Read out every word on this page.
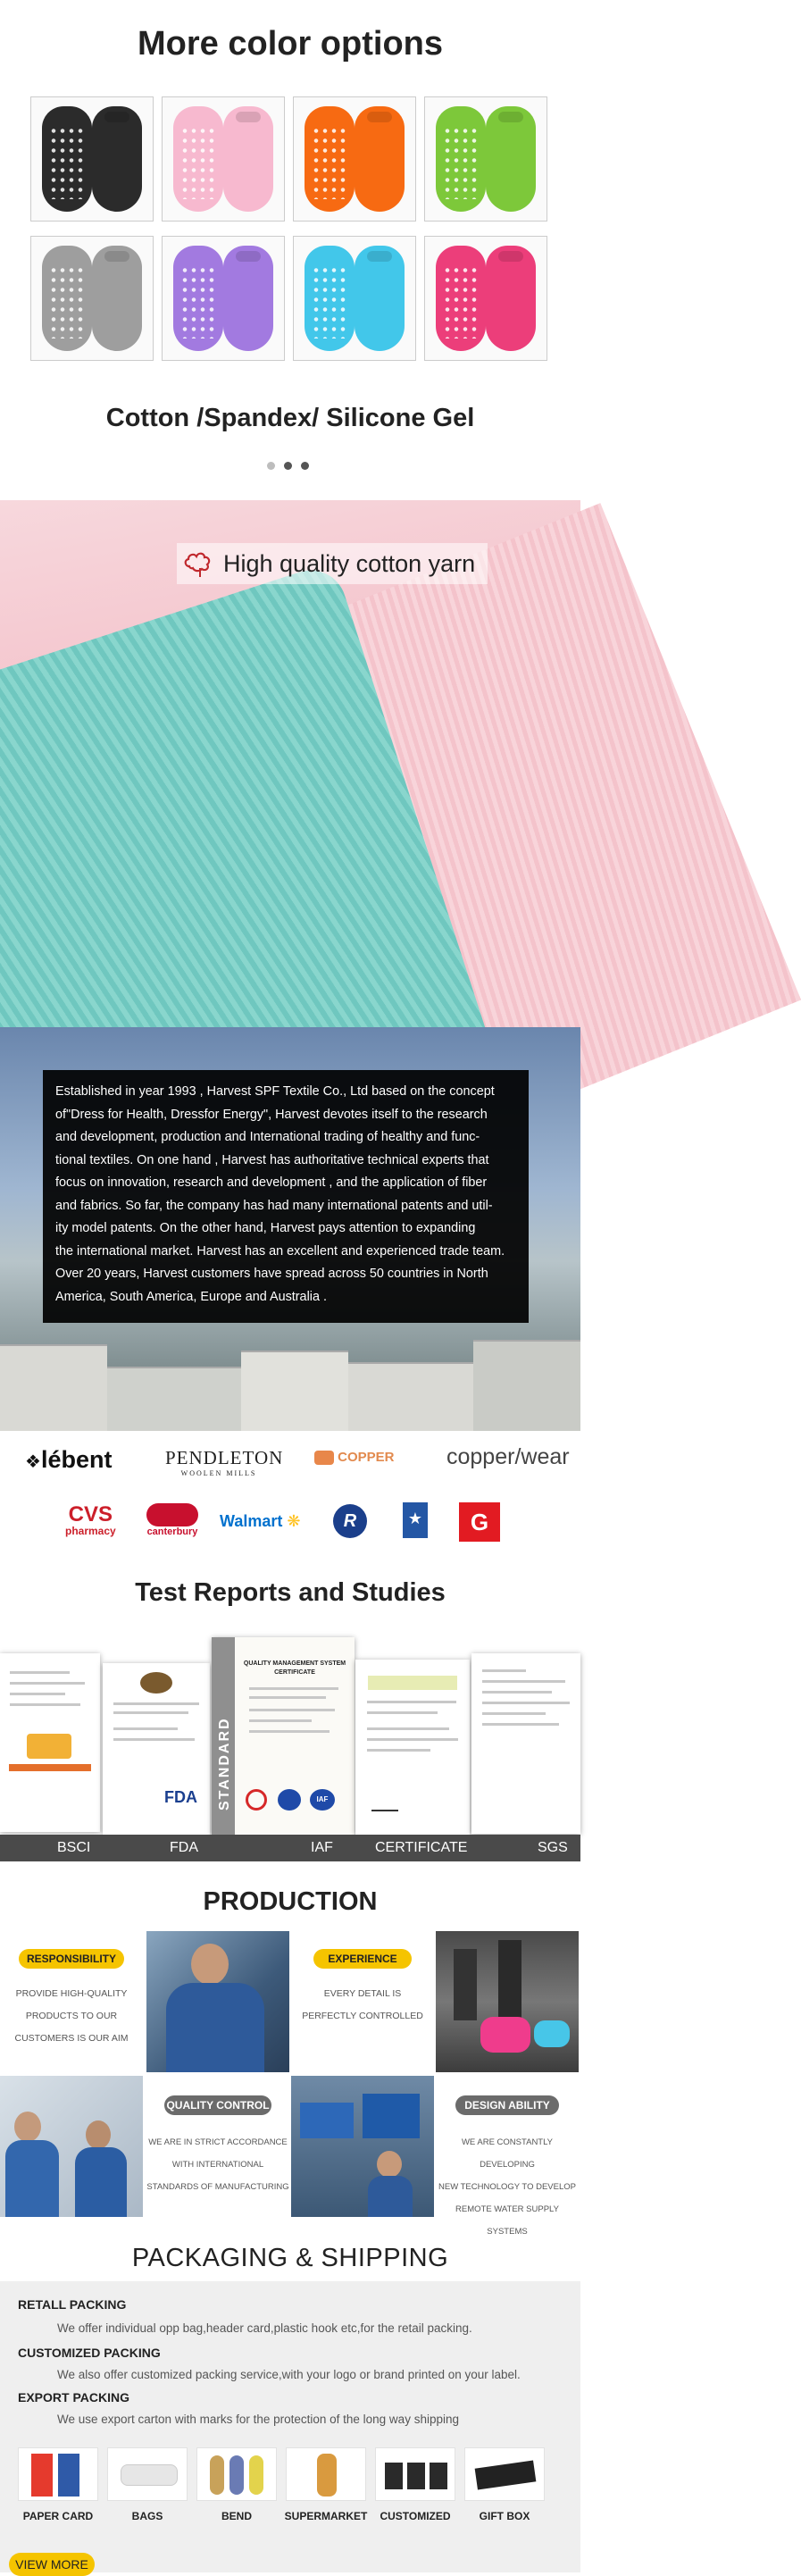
More color options
Cotton /Spandex/ Silicone Gel
High quality cotton yarn
Established in year 1993 , Harvest SPF Textile Co., Ltd based on the concept
of"Dress for Health, Dressfor Energy", Harvest devotes itself to the research
and development, production and International trading of healthy and func-
tional textiles. On one hand , Harvest has authoritative technical experts that
focus on innovation, research and development , and the application of fiber
and fabrics. So far, the company has had many international patents and util-
ity model patents. On the other hand, Harvest pays attention to expanding
the international market. Harvest has an excellent and experienced trade team.
Over 20 years, Harvest customers have spread across 50 countries in North
America, South America, Europe and Australia .
❖lébent	PENDLETON
WOOLEN MILLS
COPPER copper/wear
CVS
pharmacy	canterbury
Walmart ❋	R	★	G
Test Reports and Studies
FDA STANDARD
QUALITY MANAGEMENT SYSTEM
CERTIFICATE
IAF
BSCI	FDA	IAF	CERTIFICATE	SGS
PRODUCTION
RESPONSIBILITY
PROVIDE HIGH-QUALITY
PRODUCTS TO OUR
CUSTOMERS IS OUR AIM
EXPERIENCE
EVERY DETAIL IS
PERFECTLY CONTROLLED
QUALITY CONTROL
WE ARE IN STRICT ACCORDANCE
WITH INTERNATIONAL
STANDARDS OF MANUFACTURING
DESIGN ABILITY
WE ARE CONSTANTLY DEVELOPING
NEW TECHNOLOGY TO DEVELOP
REMOTE WATER SUPPLY SYSTEMS
PACKAGING & SHIPPING
RETALL PACKING
We offer individual opp bag,header card,plastic hook etc,for the retail packing.
CUSTOMIZED PACKING
We also offer customized packing service,with your logo or brand printed on your label.
EXPORT PACKING
We use export carton with marks for the protection of the long way shipping
PAPER CARD	BAGS	BEND	SUPERMARKET	CUSTOMIZED	GIFT BOX
VIEW MORE
